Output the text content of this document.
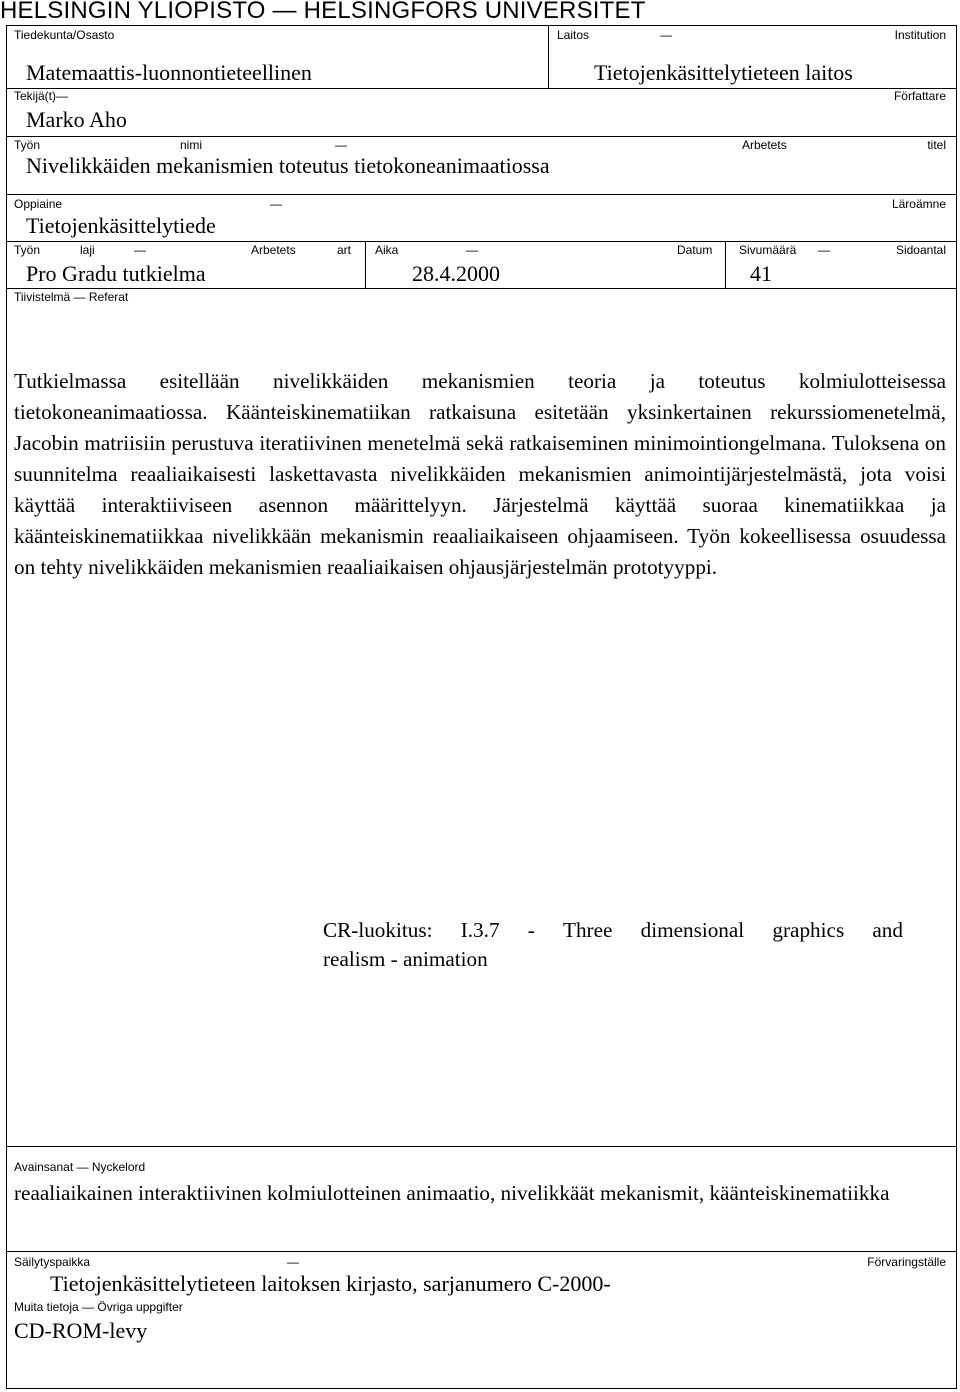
HELSINGIN YLIOPISTO — HELSINGFORS UNIVERSITET
Tiedekunta/Osasto
Matemaattis-luonnontieteellinen
Laitos	—	Institution
Tietojenkäsittelytieteen laitos
Tekijä(t)—	Författare
Marko Aho
Työn	nimi	—	Arbetets	titel
Nivelikkäiden mekanismien toteutus tietokoneanimaatiossa
Oppiaine	—	Läroämne
Tietojenkäsittelytiede
Työn	laji	—	Arbetets	art
Pro Gradu tutkielma
Aika	—	Datum
28.4.2000
Sivumäärä —	Sidoantal
41
Tiivistelmä — Referat
Tutkielmassa esitellään nivelikkäiden mekanismien teoria ja toteutus kolmiulotteisessa tietokoneanimaatiossa. Käänteiskinematiikan ratkaisuna esitetään yksinkertainen rekurssiomenetelmä, Jacobin matriisiin perustuva iteratiivinen menetelmä sekä ratkaiseminen minimointiongelmana. Tuloksena on suunnitelma reaaliaikaisesti laskettavasta nivelikkäiden mekanismien animointijärjestelmästä, jota voisi käyttää interaktiiviseen asennon määrittelyyn. Järjestelmä käyttää suoraa kinematiikkaa ja käänteiskinematiikkaa nivelikkään mekanismin reaaliaikaiseen ohjaamiseen. Työn kokeellisessa osuudessa on tehty nivelikkäiden mekanismien reaaliaikaisen ohjausjärjestelmän prototyyppi.
CR-luokitus: I.3.7 - Three dimensional graphics and
realism - animation
Avainsanat — Nyckelord
reaaliaikainen interaktiivinen kolmiulotteinen animaatio, nivelikkäät mekanismit, käänteiskinematiikka
Säilytyspaikka	—	Förvaringställe
Tietojenkäsittelytieteen laitoksen kirjasto, sarjanumero C-2000-
Muita tietoja — Övriga uppgifter
CD-ROM-levy
